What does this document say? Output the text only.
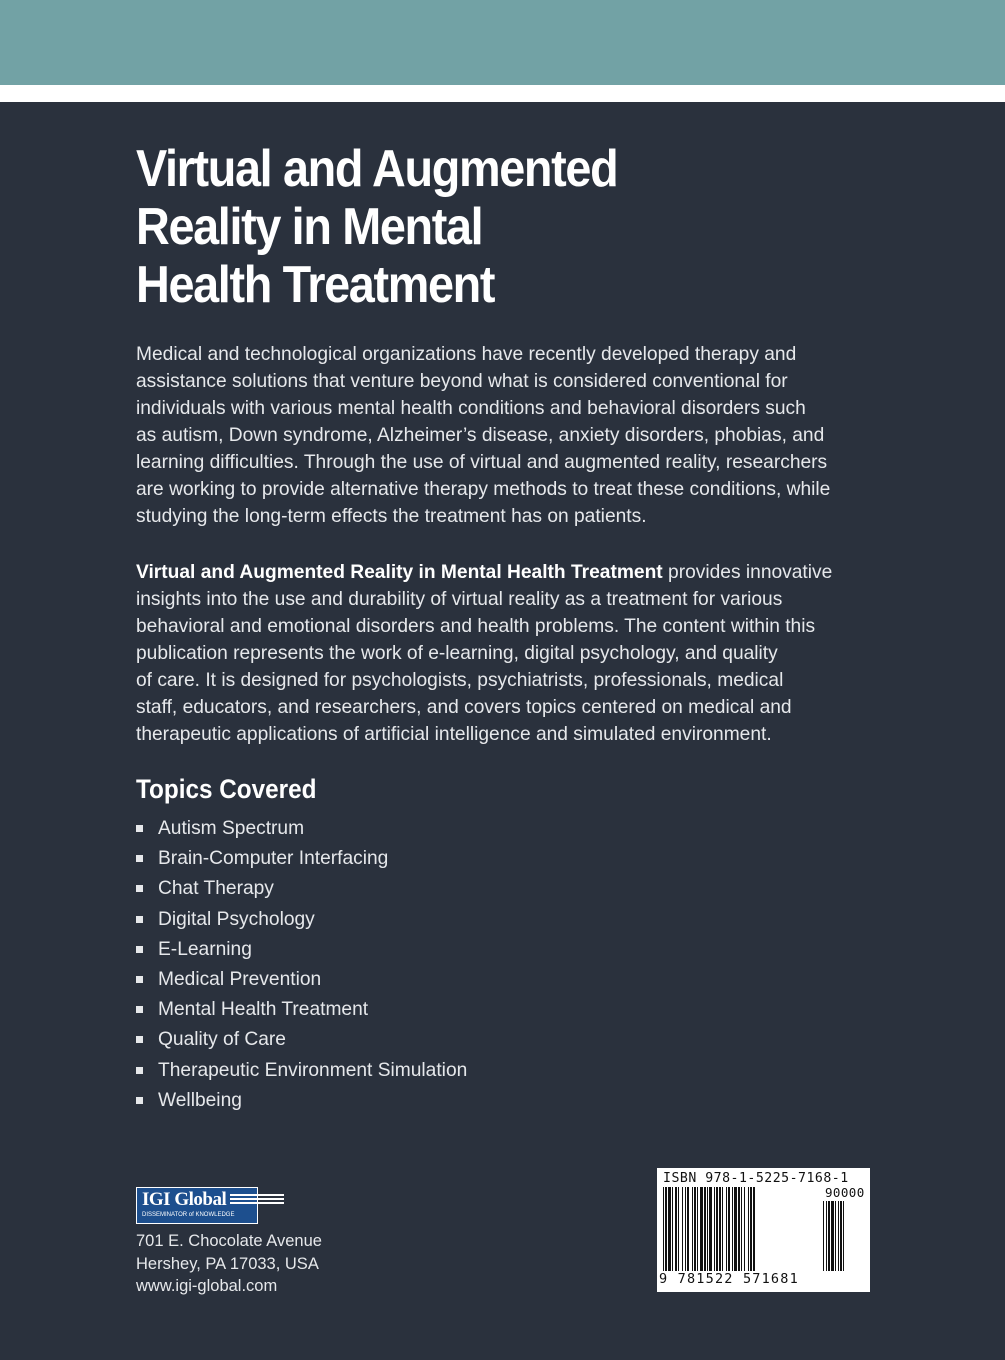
Virtual and Augmented
Reality in Mental
Health Treatment

Medical and technological organizations have recently developed therapy and
assistance solutions that venture beyond what is considered conventional for
individuals with various mental health conditions and behavioral disorders such
as autism, Down syndrome, Alzheimer’s disease, anxiety disorders, phobias, and
learning difficulties. Through the use of virtual and augmented reality, researchers
are working to provide alternative therapy methods to treat these conditions, while
studying the long-term effects the treatment has on patients.

Virtual and Augmented Reality in Mental Health Treatment provides innovative
insights into the use and durability of virtual reality as a treatment for various
behavioral and emotional disorders and health problems. The content within this
publication represents the work of e-learning, digital psychology, and quality
of care. It is designed for psychologists, psychiatrists, professionals, medical
staff, educators, and researchers, and covers topics centered on medical and
therapeutic applications of artificial intelligence and simulated environment.

Topics Covered
Autism Spectrum
Brain-Computer Interfacing
Chat Therapy
Digital Psychology
E-Learning
Medical Prevention
Mental Health Treatment
Quality of Care
Therapeutic Environment Simulation
Wellbeing
IGI Global
DISSEMINATOR of KNOWLEDGE

701 E. Chocolate Avenue
Hershey, PA 17033, USA
www.igi-global.com

ISBN 978-1-5225-7168-1
90000
9 781522 571681
